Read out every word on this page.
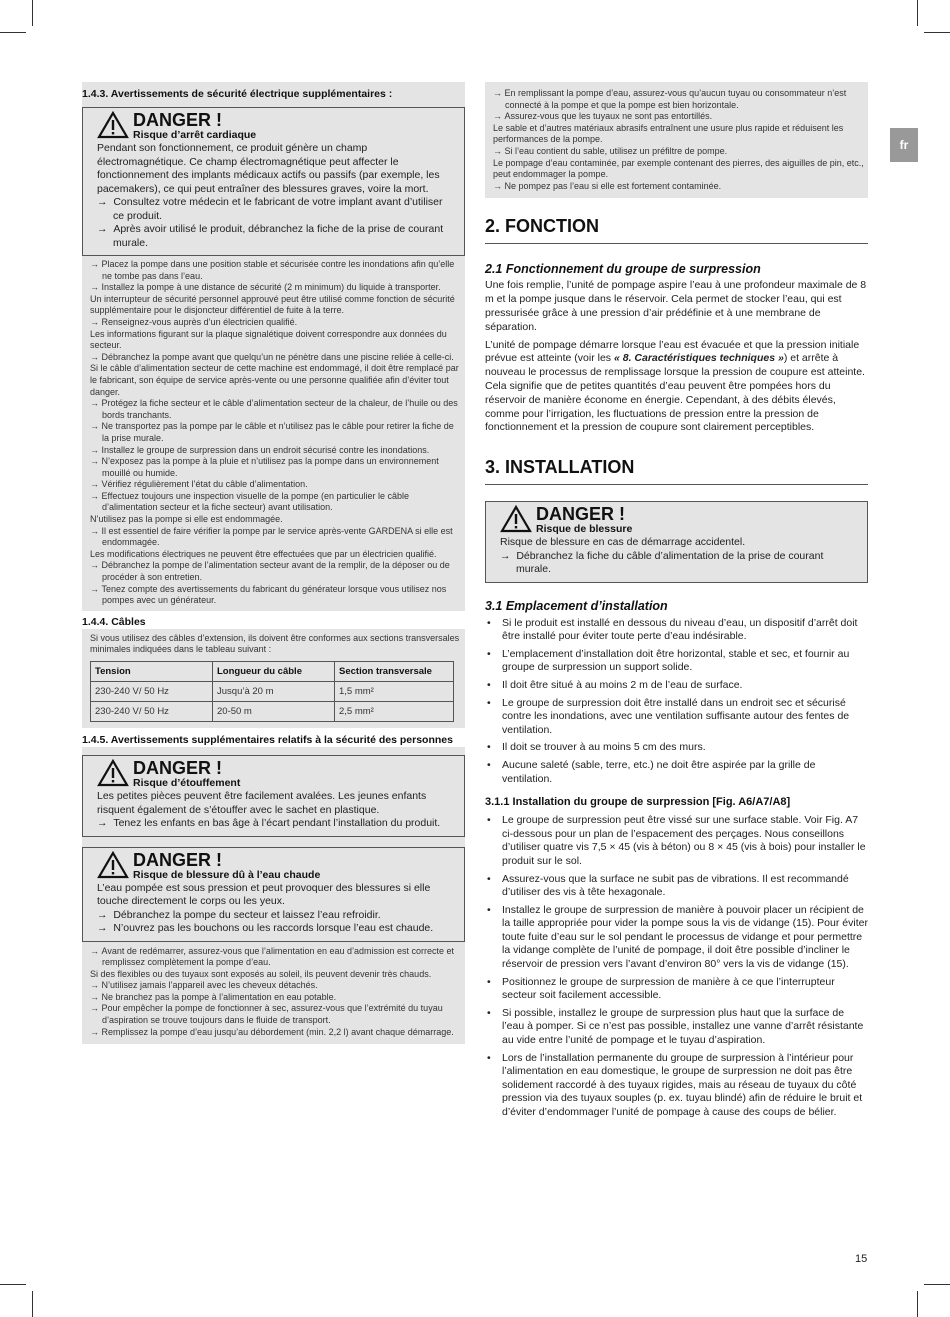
fr
1.4.3. Avertissements de sécurité électrique supplémentaires :
DANGER !
Risque d’arrêt cardiaque

Pendant son fonctionnement, ce produit génère un champ électromagnétique. Ce champ électromagnétique peut affecter le fonctionnement des implants médicaux actifs ou passifs (par exemple, les pacemakers), ce qui peut entraîner des blessures graves, voire la mort.

→  Consultez votre médecin et le fabricant de votre implant avant d’utiliser ce produit.

→  Après avoir utilisé le produit, débranchez la fiche de la prise de courant murale.

→ Placez la pompe dans une position stable et sécurisée contre les inondations afin qu’elle ne tombe pas dans l’eau.

→ Installez la pompe à une distance de sécurité (2 m minimum) du liquide à transporter.

Un interrupteur de sécurité personnel approuvé peut être utilisé comme fonction de sécurité supplémentaire pour le disjoncteur différentiel de fuite à la terre.

→ Renseignez-vous auprès d’un électricien qualifié.

Les informations figurant sur la plaque signalétique doivent correspondre aux données du secteur.

→ Débranchez la pompe avant que quelqu’un ne pénètre dans une piscine reliée à celle-ci.

Si le câble d’alimentation secteur de cette machine est endommagé, il doit être remplacé par le fabricant, son équipe de service après-vente ou une personne qualifiée afin d’éviter tout danger.

→ Protégez la fiche secteur et le câble d’alimentation secteur de la chaleur, de l’huile ou des bords tranchants.

→ Ne transportez pas la pompe par le câble et n’utilisez pas le câble pour retirer la fiche de la prise murale.

→ Installez le groupe de surpression dans un endroit sécurisé contre les inondations.

→ N’exposez pas la pompe à la pluie et n’utilisez pas la pompe dans un environnement mouillé ou humide.

→ Vérifiez régulièrement l’état du câble d’alimentation.

→ Effectuez toujours une inspection visuelle de la pompe (en particulier le câble d’alimentation secteur et la fiche secteur) avant utilisation.

N’utilisez pas la pompe si elle est endommagée.

→ Il est essentiel de faire vérifier la pompe par le service après-vente GARDENA si elle est endommagée.

Les modifications électriques ne peuvent être effectuées que par un électricien qualifié.

→ Débranchez la pompe de l’alimentation secteur avant de la remplir, de la déposer ou de procéder à son entretien.

→ Tenez compte des avertissements du fabricant du générateur lorsque vous utilisez nos pompes avec un générateur.

1.4.4. Câbles
Si vous utilisez des câbles d’extension, ils doivent être conformes aux sections transversales minimales indiquées dans le tableau suivant :
Tension	Longueur du câble	Section transversale
230-240 V/ 50 Hz	Jusqu’à 20 m	1,5 mm²
230-240 V/ 50 Hz	20-50 m	2,5 mm²
1.4.5. Avertissements supplémentaires relatifs à la sécurité des personnes
DANGER !
Risque d’étouffement

Les petites pièces peuvent être facilement avalées. Les jeunes enfants risquent également de s’étouffer avec le sachet en plastique.

→  Tenez les enfants en bas âge à l’écart pendant l’installation du produit.

DANGER !
Risque de blessure dû à l’eau chaude

L’eau pompée est sous pression et peut provoquer des blessures si elle touche directement le corps ou les yeux.

→  Débranchez la pompe du secteur et laissez l’eau refroidir.

→  N’ouvrez pas les bouchons ou les raccords lorsque l’eau est chaude.

→ Avant de redémarrer, assurez-vous que l’alimentation en eau d’admission est correcte et remplissez complètement la pompe d’eau.

Si des flexibles ou des tuyaux sont exposés au soleil, ils peuvent devenir très chauds.

→ N’utilisez jamais l’appareil avec les cheveux détachés.

→ Ne branchez pas la pompe à l’alimentation en eau potable.

→ Pour empêcher la pompe de fonctionner à sec, assurez-vous que l’extrémité du tuyau d’aspiration se trouve toujours dans le fluide de transport.

→ Remplissez la pompe d’eau jusqu’au débordement (min. 2,2 l) avant chaque démarrage.

→ En remplissant la pompe d’eau, assurez-vous qu’aucun tuyau ou consommateur n’est connecté à la pompe et que la pompe est bien horizontale.

→ Assurez-vous que les tuyaux ne sont pas entortillés.

Le sable et d’autres matériaux abrasifs entraînent une usure plus rapide et réduisent les performances de la pompe.

→ Si l’eau contient du sable, utilisez un préfiltre de pompe.

Le pompage d’eau contaminée, par exemple contenant des pierres, des aiguilles de pin, etc., peut endommager la pompe.

→ Ne pompez pas l’eau si elle est fortement contaminée.

2. FONCTION
2.1 Fonctionnement du groupe de surpression

Une fois remplie, l’unité de pompage aspire l’eau à une profondeur maximale de 8 m et la pompe jusque dans le réservoir. Cela permet de stocker l’eau, qui est pressurisée grâce à une pression d’air prédéfinie et à une membrane de séparation.

L’unité de pompage démarre lorsque l’eau est évacuée et que la pression initiale prévue est atteinte (voir les « 8. Caractéristiques techniques ») et arrête à nouveau le processus de remplissage lorsque la pression de coupure est atteinte. Cela signifie que de petites quantités d’eau peuvent être pompées hors du réservoir de manière économe en énergie. Cependant, à des débits élevés, comme pour l’irrigation, les fluctuations de pression entre la pression de fonctionnement et la pression de coupure sont clairement perceptibles.

3. INSTALLATION
DANGER !
Risque de blessure

Risque de blessure en cas de démarrage accidentel.

→  Débranchez la fiche du câble d’alimentation de la prise de courant murale.

3.1 Emplacement d’installation
• Si le produit est installé en dessous du niveau d’eau, un dispositif d’arrêt doit être installé pour éviter toute perte d’eau indésirable.
• L’emplacement d’installation doit être horizontal, stable et sec, et fournir au groupe de surpression un support solide.
• Il doit être situé à au moins 2 m de l’eau de surface.
• Le groupe de surpression doit être installé dans un endroit sec et sécurisé contre les inondations, avec une ventilation suffisante autour des fentes de ventilation.
• Il doit se trouver à au moins 5 cm des murs.
• Aucune saleté (sable, terre, etc.) ne doit être aspirée par la grille de ventilation.
3.1.1 Installation du groupe de surpression [Fig. A6/A7/A8]
• Le groupe de surpression peut être vissé sur une surface stable. Voir Fig. A7 ci-dessous pour un plan de l’espacement des perçages. Nous conseillons d’utiliser quatre vis 7,5 × 45 (vis à béton) ou 8 × 45 (vis à bois) pour installer le produit sur le sol.
• Assurez-vous que la surface ne subit pas de vibrations. Il est recommandé d’utiliser des vis à tête hexagonale.
• Installez le groupe de surpression de manière à pouvoir placer un récipient de la taille appropriée pour vider la pompe sous la vis de vidange (15). Pour éviter toute fuite d’eau sur le sol pendant le processus de vidange et pour permettre la vidange complète de l’unité de pompage, il doit être possible d’incliner le réservoir de pression vers l’avant d’environ 80° vers la vis de vidange (15).
• Positionnez le groupe de surpression de manière à ce que l’interrupteur secteur soit facilement accessible.
• Si possible, installez le groupe de surpression plus haut que la surface de l’eau à pomper. Si ce n’est pas possible, installez une vanne d’arrêt résistante au vide entre l’unité de pompage et le tuyau d’aspiration.
• Lors de l’installation permanente du groupe de surpression à l’intérieur pour l’alimentation en eau domestique, le groupe de surpression ne doit pas être solidement raccordé à des tuyaux rigides, mais au réseau de tuyaux du côté pression via des tuyaux souples (p. ex. tuyau blindé) afin de réduire le bruit et d’éviter d’endommager l’unité de pompage à cause des coups de bélier.
15
